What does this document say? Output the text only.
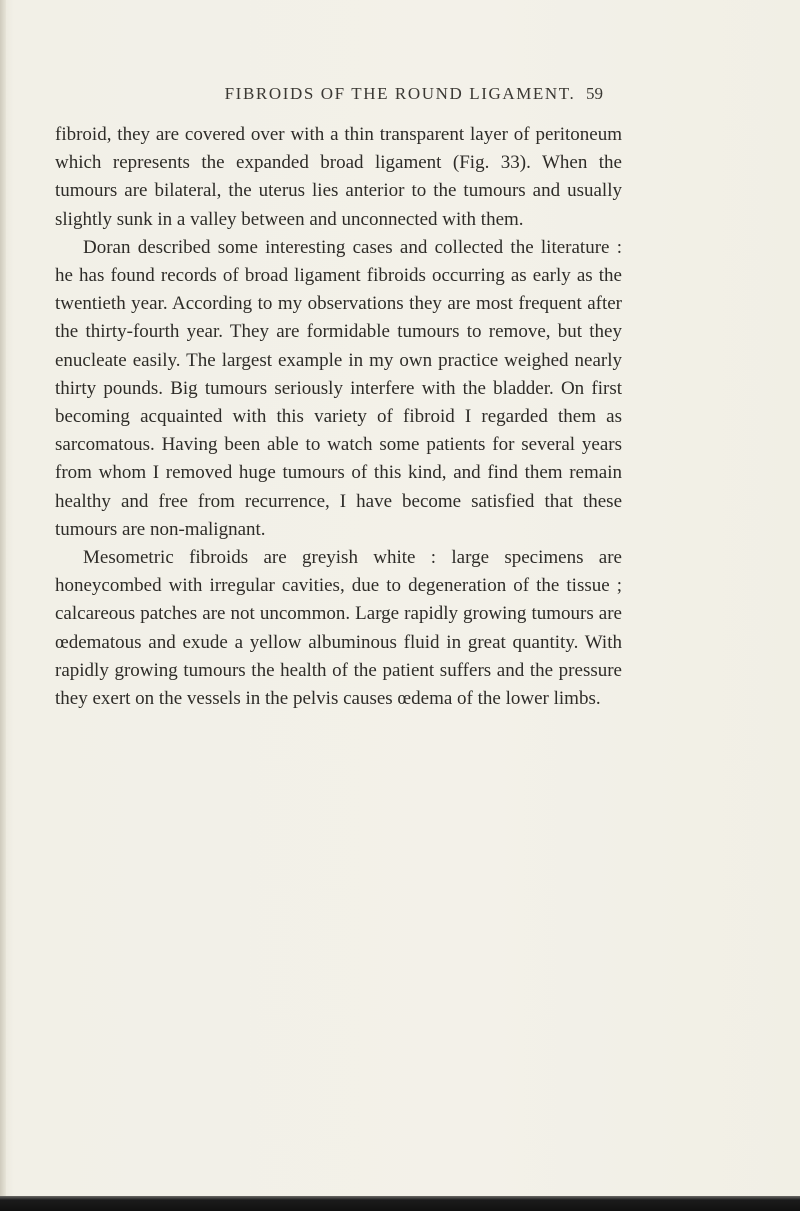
FIBROIDS OF THE ROUND LIGAMENT. 59

fibroid, they are covered over with a thin transparent layer of peritoneum which represents the expanded broad ligament (Fig. 33). When the tumours are bilateral, the uterus lies anterior to the tumours and usually slightly sunk in a valley between and unconnected with them.

Doran described some interesting cases and collected the literature : he has found records of broad ligament fibroids occurring as early as the twentieth year. According to my observations they are most frequent after the thirty-fourth year. They are formidable tumours to remove, but they enucleate easily. The largest example in my own practice weighed nearly thirty pounds. Big tumours seriously interfere with the bladder. On first becoming acquainted with this variety of fibroid I regarded them as sarcomatous. Having been able to watch some patients for several years from whom I removed huge tumours of this kind, and find them remain healthy and free from recurrence, I have become satisfied that these tumours are non-malignant.

Mesometric fibroids are greyish white : large specimens are honeycombed with irregular cavities, due to degeneration of the tissue ; calcareous patches are not uncommon. Large rapidly growing tumours are œdematous and exude a yellow albuminous fluid in great quantity. With rapidly growing tumours the health of the patient suffers and the pressure they exert on the vessels in the pelvis causes œdema of the lower limbs.
